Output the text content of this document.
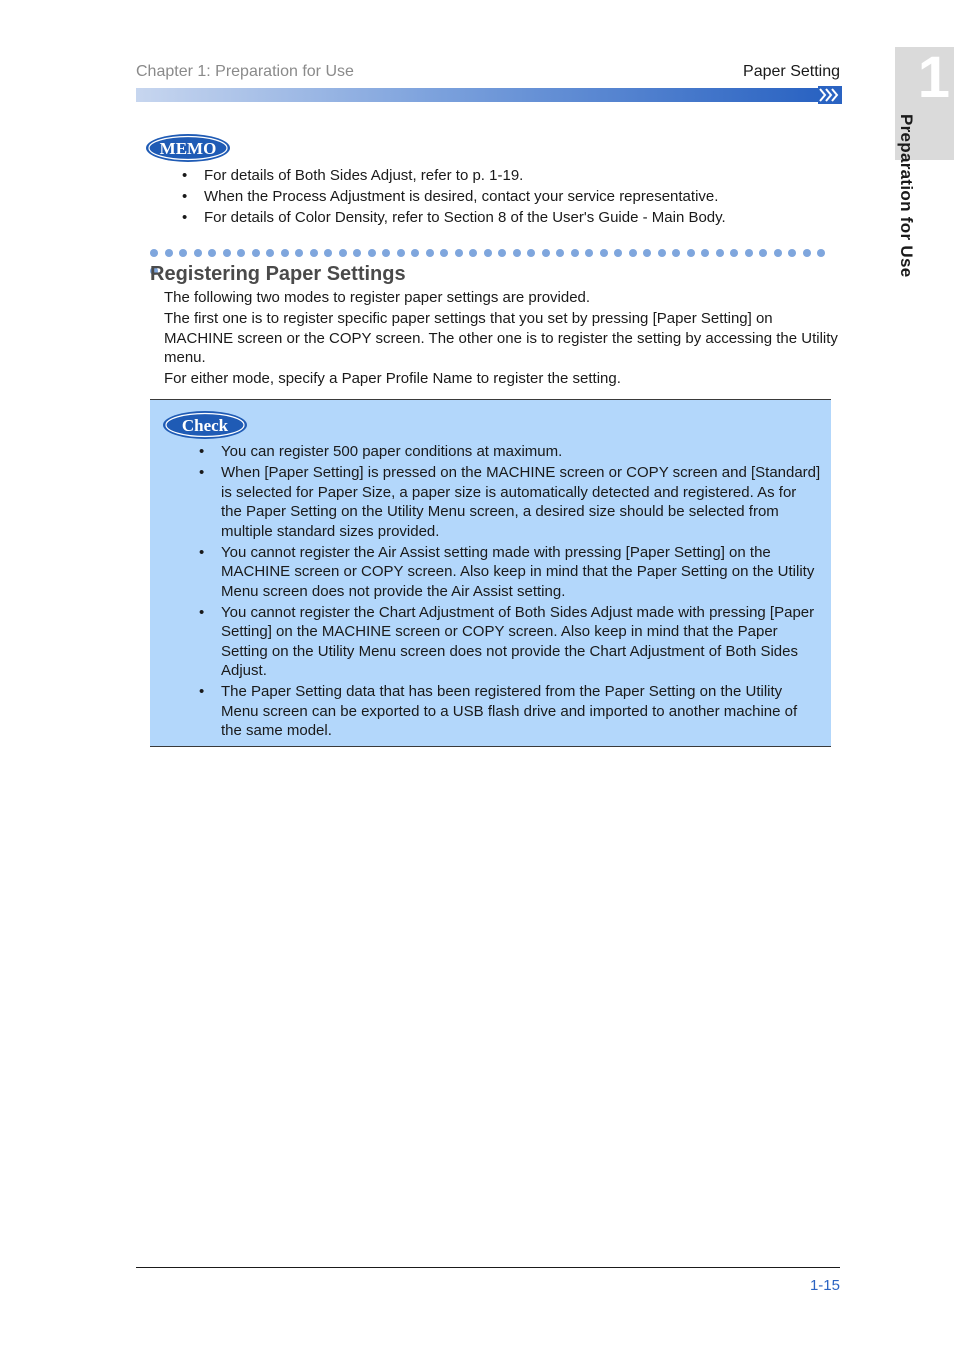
Chapter 1: Preparation for Use	Paper Setting 1
Preparation for Use
MEMO
• For details of Both Sides Adjust, refer to p. 1-19.
• When the Process Adjustment is desired, contact your service representative.
• For details of Color Density, refer to Section 8 of the User's Guide - Main Body.
Registering Paper Settings

The following two modes to register paper settings are provided.

The first one is to register specific paper settings that you set by pressing [Paper Setting] on MACHINE screen or the COPY screen. The other one is to register the setting by accessing the Utility menu.

For either mode, specify a Paper Profile Name to register the setting.

Check
• You can register 500 paper conditions at maximum.
• When [Paper Setting] is pressed on the MACHINE screen or COPY screen and [Standard] is selected for Paper Size, a paper size is automatically detected and registered. As for the Paper Setting on the Utility Menu screen, a desired size should be selected from multiple standard sizes provided.
• You cannot register the Air Assist setting made with pressing [Paper Setting] on the MACHINE screen or COPY screen. Also keep in mind that the Paper Setting on the Utility Menu screen does not provide the Air Assist setting.
• You cannot register the Chart Adjustment of Both Sides Adjust made with pressing [Paper Setting] on the MACHINE screen or COPY screen. Also keep in mind that the Paper Setting on the Utility Menu screen does not provide the Chart Adjustment of Both Sides Adjust.
• The Paper Setting data that has been registered from the Paper Setting on the Utility Menu screen can be exported to a USB flash drive and imported to another machine of the same model.
1-15
